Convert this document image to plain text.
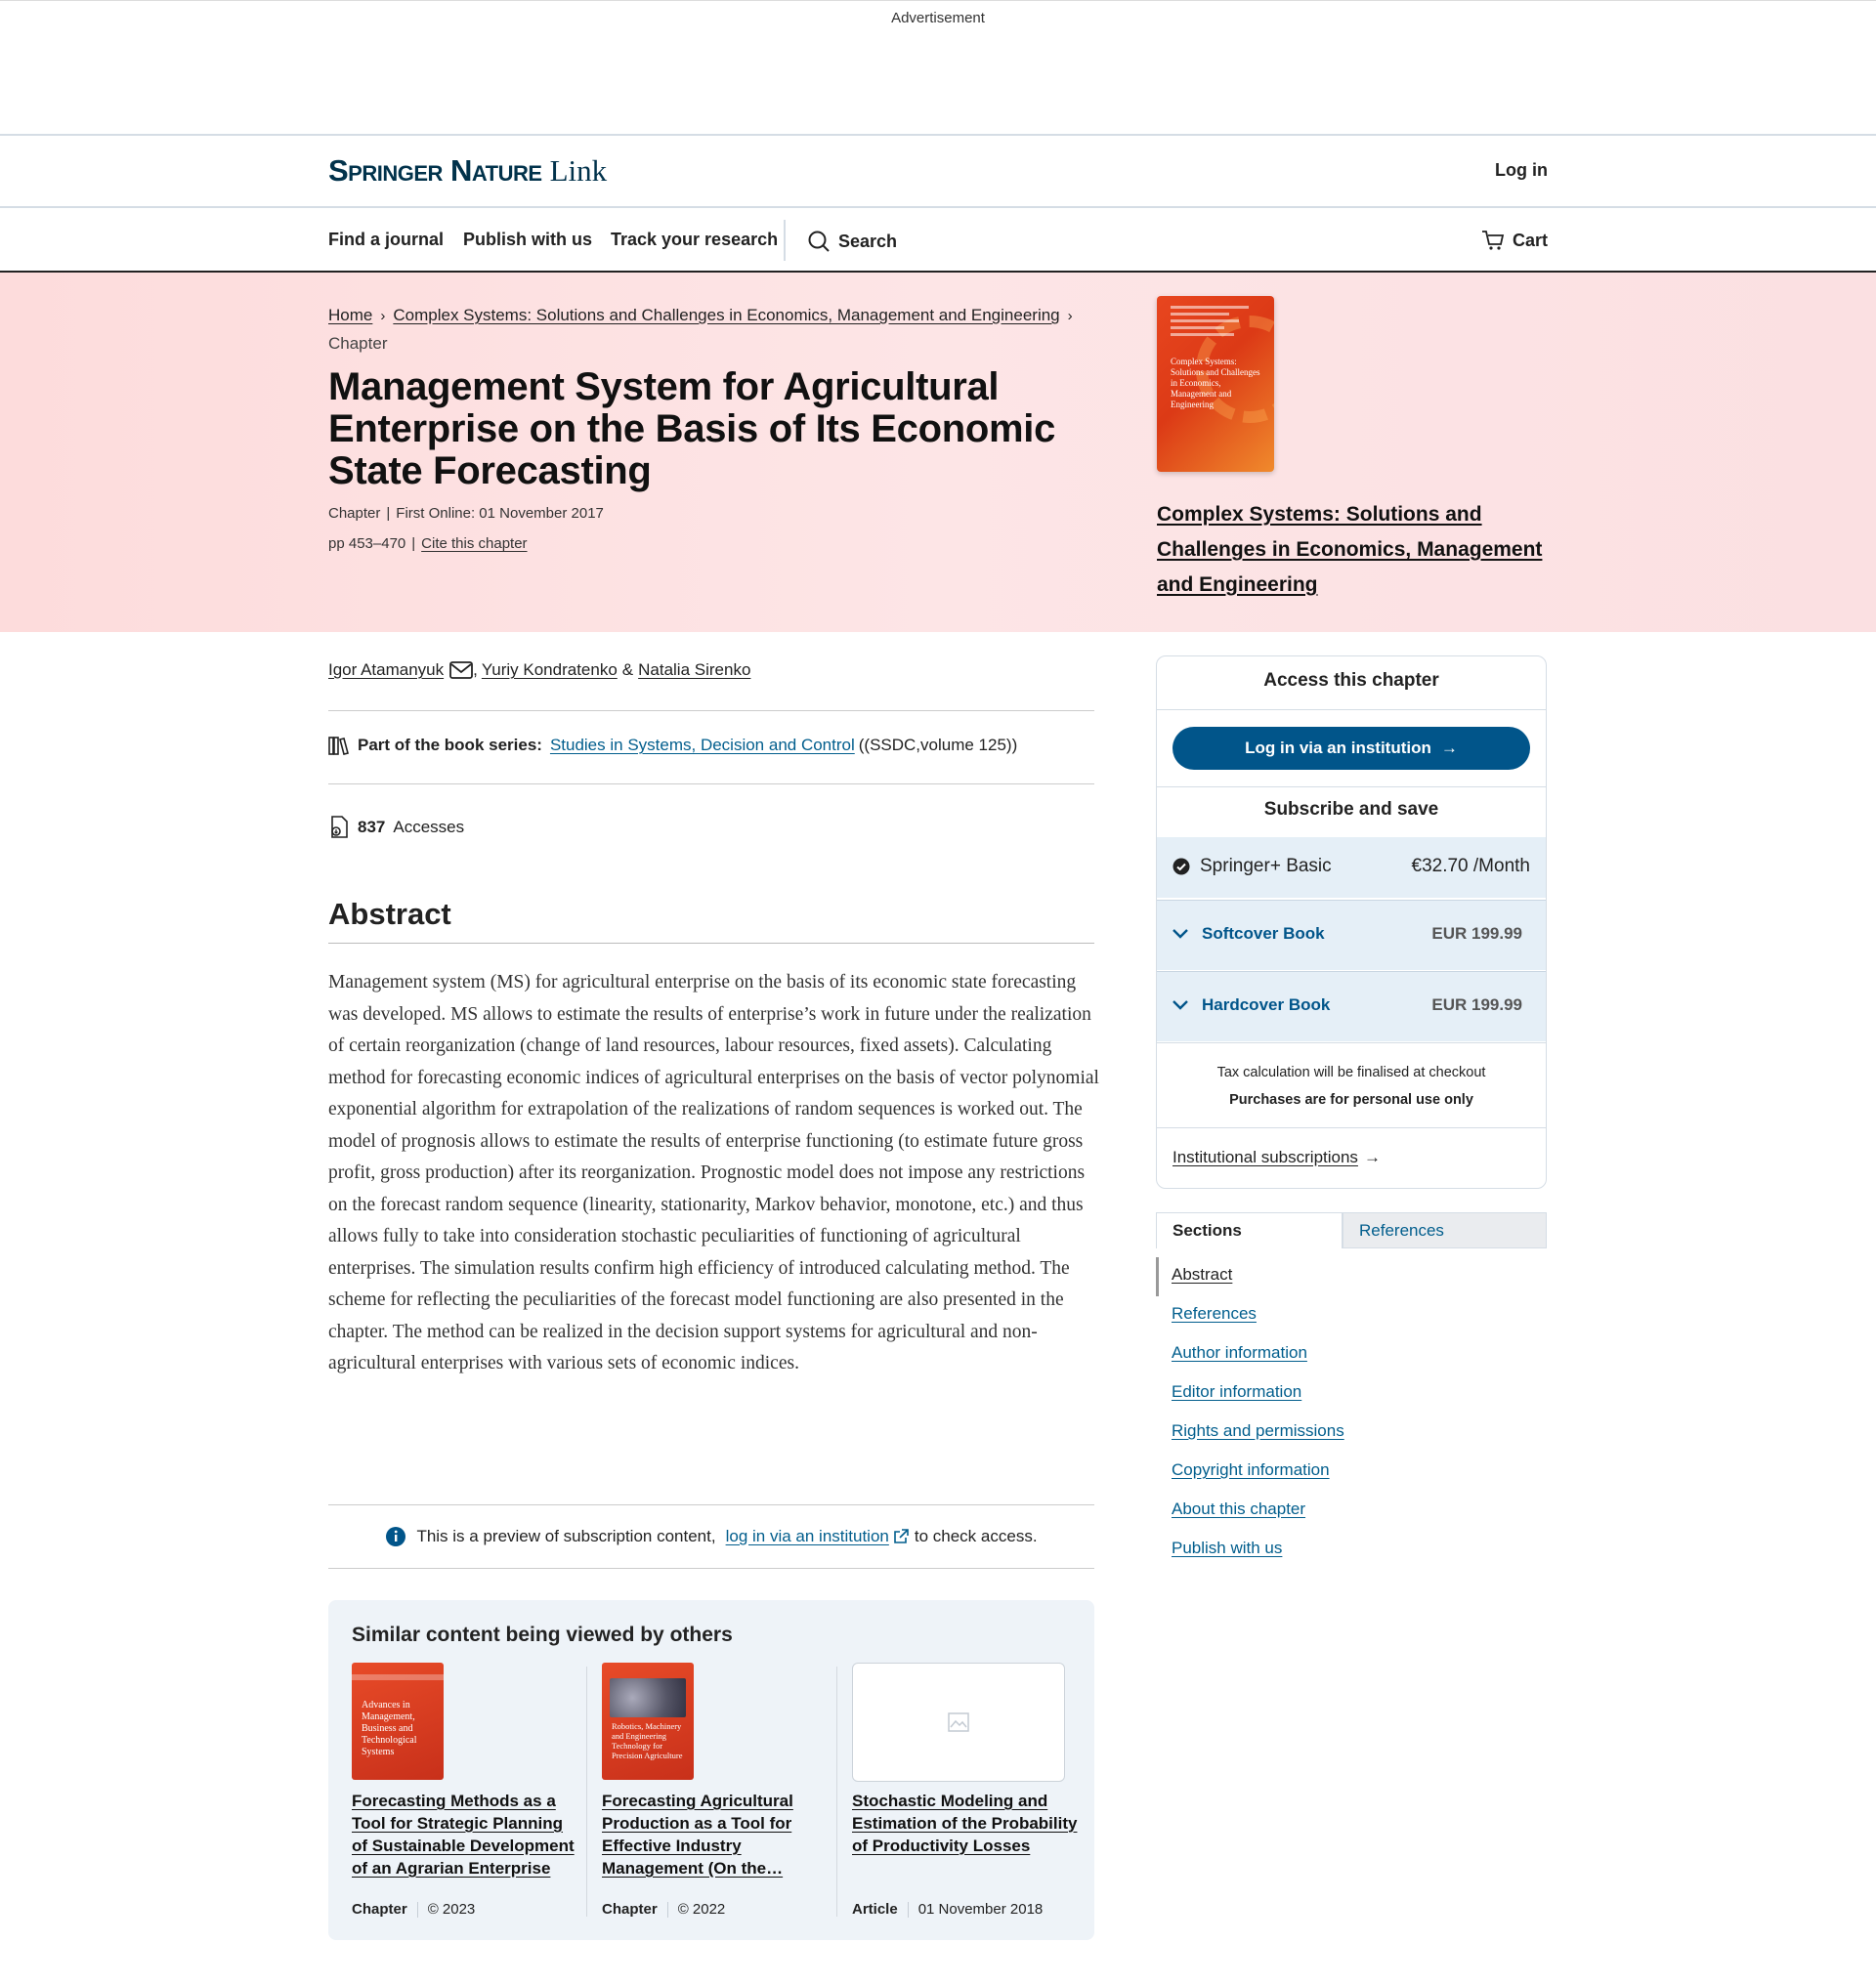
Advertisement
Springer Nature Link	Log in
Find a journal Publish with us Track your research	Search	Cart
Home › Complex Systems: Solutions and Challenges in Economics, Management and Engineering ›
Chapter
Management System for Agricultural Enterprise on the Basis of Its Economic State Forecasting
Chapter | First Online: 01 November 2017
pp 453–470 | Cite this chapter
Complex Systems: Solutions and Challenges in Economics, Management and Engineering
Complex Systems: Solutions and Challenges in Economics, Management and Engineering
Igor Atamanyuk , Yuriy Kondratenko & Natalia Sirenko
Part of the book series: Studies in Systems, Decision and Control ((SSDC,volume 125))
837 Accesses
Abstract

Management system (MS) for agricultural enterprise on the basis of its economic state forecasting was developed. MS allows to estimate the results of enterprise’s work in future under the realization of certain reorganization (change of land resources, labour resources, fixed assets). Calculating method for forecasting economic indices of agricultural enterprises on the basis of vector polynomial exponential algorithm for extrapolation of the realizations of random sequences is worked out. The model of prognosis allows to estimate the results of enterprise functioning (to estimate future gross profit, gross production) after its reorganization. Prognostic model does not impose any restrictions on the forecast random sequence (linearity, stationarity, Markov behavior, monotone, etc.) and thus allows fully to take into consideration stochastic peculiarities of functioning of agricultural enterprises. The simulation results confirm high efficiency of introduced calculating method. The scheme for reflecting the peculiarities of the forecast model functioning are also presented in the chapter. The method can be realized in the decision support systems for agricultural and non-agricultural enterprises with various sets of economic indices.

This is a preview of subscription content, log in via an institution to check access.
Similar content being viewed by others
Advances in Management, Business and Technological Systems
Forecasting Methods as a Tool for Strategic Planning of Sustainable Development of an Agrarian Enterprise
Chapter © 2023
Robotics, Machinery and Engineering Technology for Precision Agriculture
Forecasting Agricultural Production as a Tool for Effective Industry Management (On the…
Chapter © 2022
Stochastic Modeling and Estimation of the Probability of Productivity Losses
Article 01 November 2018
Access this chapter
Log in via an institution →
Subscribe and save
Springer+ Basic	€32.70 /Month
Softcover Book	EUR 199.99
Hardcover Book	EUR 199.99
Tax calculation will be finalised at checkout
Purchases are for personal use only
Institutional subscriptions →
Sections	References
Abstract
References
Author information
Editor information
Rights and permissions
Copyright information
About this chapter
Publish with us
